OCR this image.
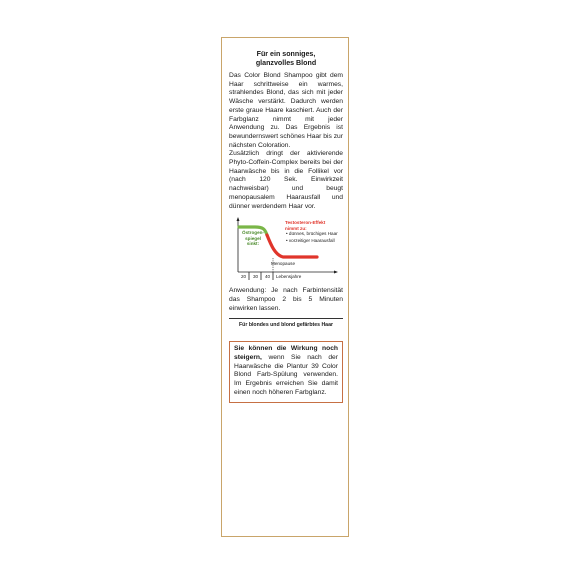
Für ein sonniges,
glanzvolles Blond

Das Color Blond Shampoo gibt dem Haar schrittweise ein warmes, strahlendes Blond, das sich mit jeder Wäsche verstärkt. Dadurch werden erste graue Haare kaschiert. Auch der Farbglanz nimmt mit jeder Anwendung zu. Das Ergebnis ist bewundernswert schönes Haar bis zur nächsten Coloration.

Zusätzlich dringt der aktivierende Phyto-Coffein-Complex bereits bei der Haarwäsche bis in die Follikel vor (nach 120 Sek. Einwirkzeit nachweisbar) und beugt menopausalem Haarausfall und dünner werdendem Haar vor.

Östrogen-spiegel sinkt:
Testosteron-Effekt nimmt zu:
• dünnes, brüchiges Haar
• vorzeitiger Haarausfall
Menopause
20 30 40 Lebensjahre
Anwendung: Je nach Farbintensität das Shampoo 2 bis 5 Minuten einwirken lassen.
Für blondes und blond gefärbtes Haar
Sie können die Wirkung noch steigern, wenn Sie nach der Haarwäsche die Plantur 39 Color Blond Farb-Spülung verwenden. Im Ergebnis erreichen Sie damit einen noch höheren Farbglanz.
